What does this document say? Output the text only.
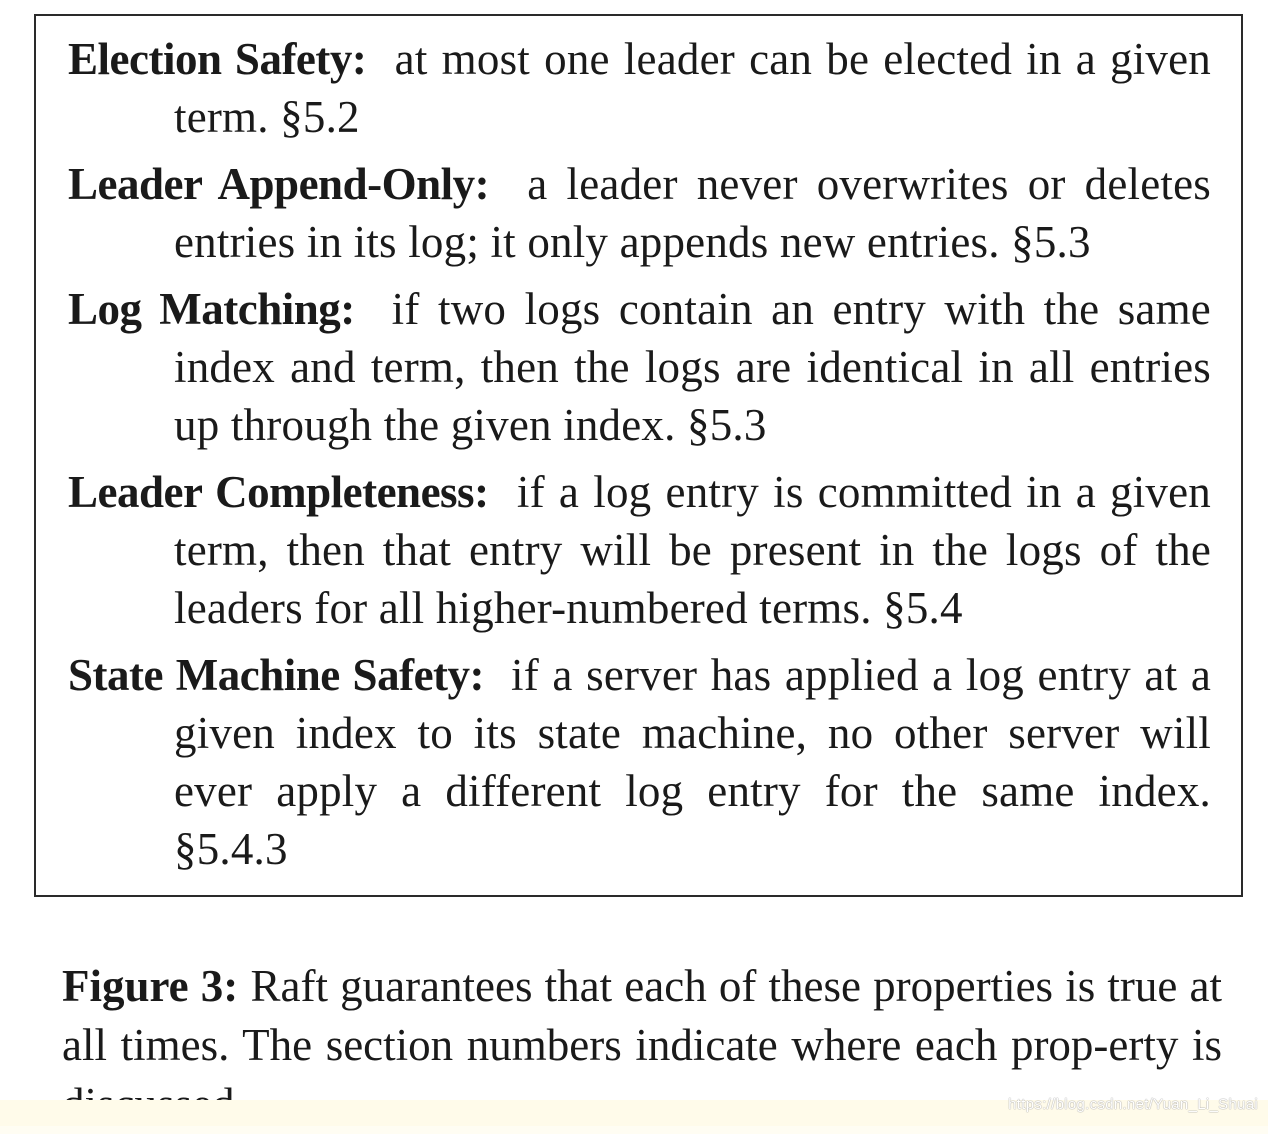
Election Safety: at most one leader can be elected in a given term. §5.2

Leader Append-Only: a leader never overwrites or deletes entries in its log; it only appends new entries. §5.3

Log Matching: if two logs contain an entry with the same index and term, then the logs are identical in all entries up through the given index. §5.3

Leader Completeness: if a log entry is committed in a given term, then that entry will be present in the logs of the leaders for all higher-numbered terms. §5.4

State Machine Safety: if a server has applied a log entry at a given index to its state machine, no other server will ever apply a different log entry for the same index. §5.4.3

Figure 3: Raft guarantees that each of these properties is true at all times. The section numbers indicate where each prop-erty is

https://blog.csdn.net/Yuan_Li_Shuai
